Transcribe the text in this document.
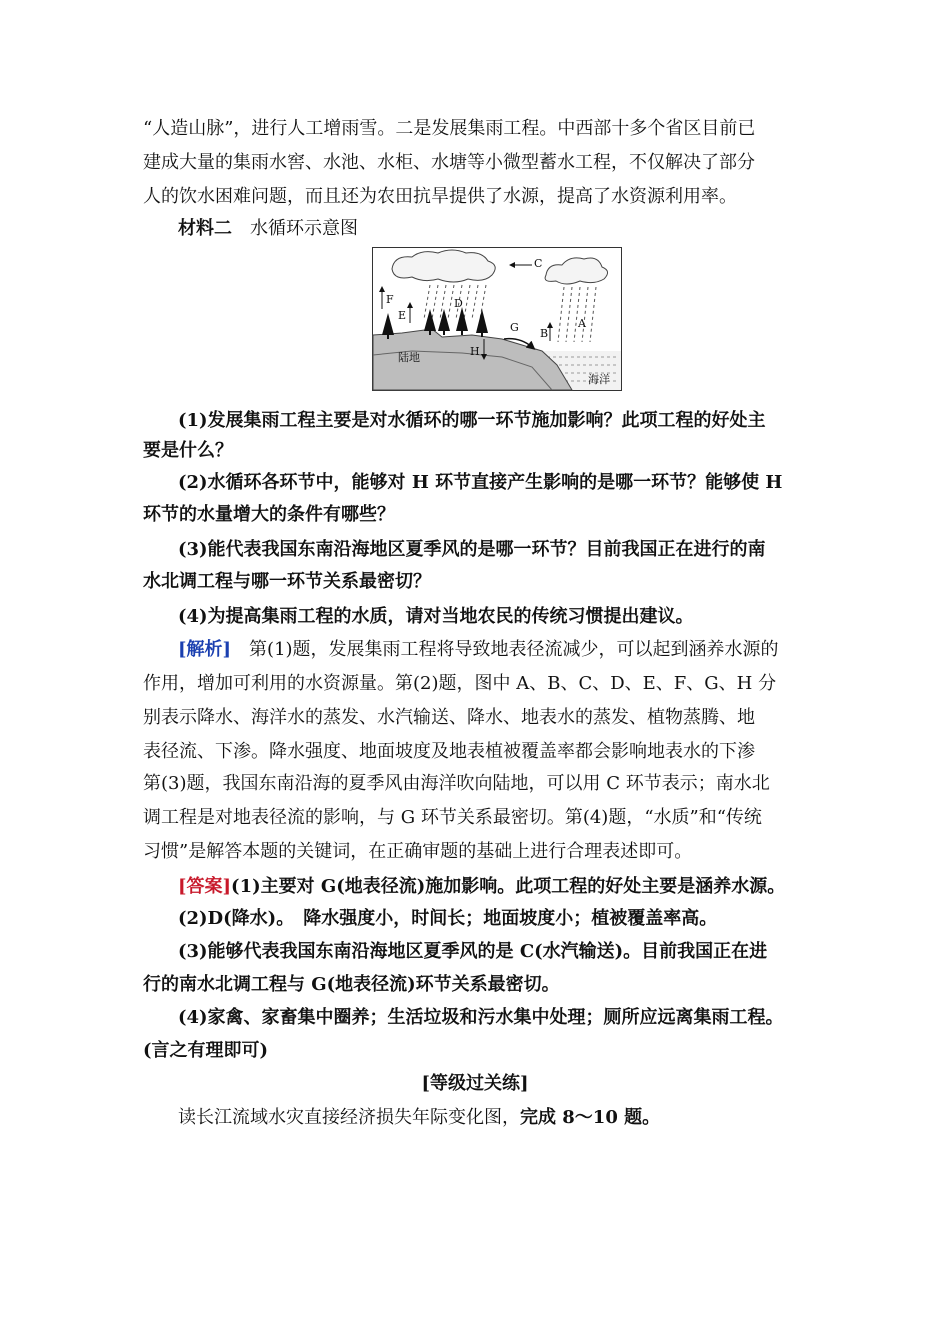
“人造山脉”，进行人工增雨雪。二是发展集雨工程。中西部十多个省区目前已
建成大量的集雨水窖、水池、水柜、水塘等小微型蓄水工程，不仅解决了部分
人的饮水困难问题，而且还为农田抗旱提供了水源，提高了水资源利用率。
材料二　 水循环示意图
F
E
D
C
B
A
G
H
陆地
海洋
(1)发展集雨工程主要是对水循环的哪一环节施加影响？此项工程的好处主
要是什么？
(2)水循环各环节中，能够对 H 环节直接产生影响的是哪一环节？能够使 H
环节的水量增大的条件有哪些？
(3)能代表我国东南沿海地区夏季风的是哪一环节？目前我国正在进行的南
水北调工程与哪一环节关系最密切？
(4)为提高集雨工程的水质，请对当地农民的传统习惯提出建议。
[解析]　第(1)题，发展集雨工程将导致地表径流减少，可以起到涵养水源的
作用，增加可利用的水资源量。第(2)题，图中 A、B、C、D、E、F、G、H 分
别表示降水、海洋水的蒸发、水汽输送、降水、地表水的蒸发、植物蒸腾、地
表径流、下渗。降水强度、地面坡度及地表植被覆盖率都会影响地表水的下渗
第(3)题，我国东南沿海的夏季风由海洋吹向陆地，可以用 C 环节表示；南水北
调工程是对地表径流的影响，与 G 环节关系最密切。第(4)题，“水质”和“传统
习惯”是解答本题的关键词，在正确审题的基础上进行合理表述即可。
[答案](1)主要对 G(地表径流)施加影响。此项工程的好处主要是涵养水源。
(2)D(降水)。　降水强度小，时间长；地面坡度小；植被覆盖率高。
(3)能够代表我国东南沿海地区夏季风的是 C(水汽输送)。目前我国正在进
行的南水北调工程与 G(地表径流)环节关系最密切。
(4)家禽、家畜集中圈养；生活垃圾和污水集中处理；厕所应远离集雨工程。
(言之有理即可)
[等级过关练]
读长江流域水灾直接经济损失年际变化图，完成 8～10 题。
